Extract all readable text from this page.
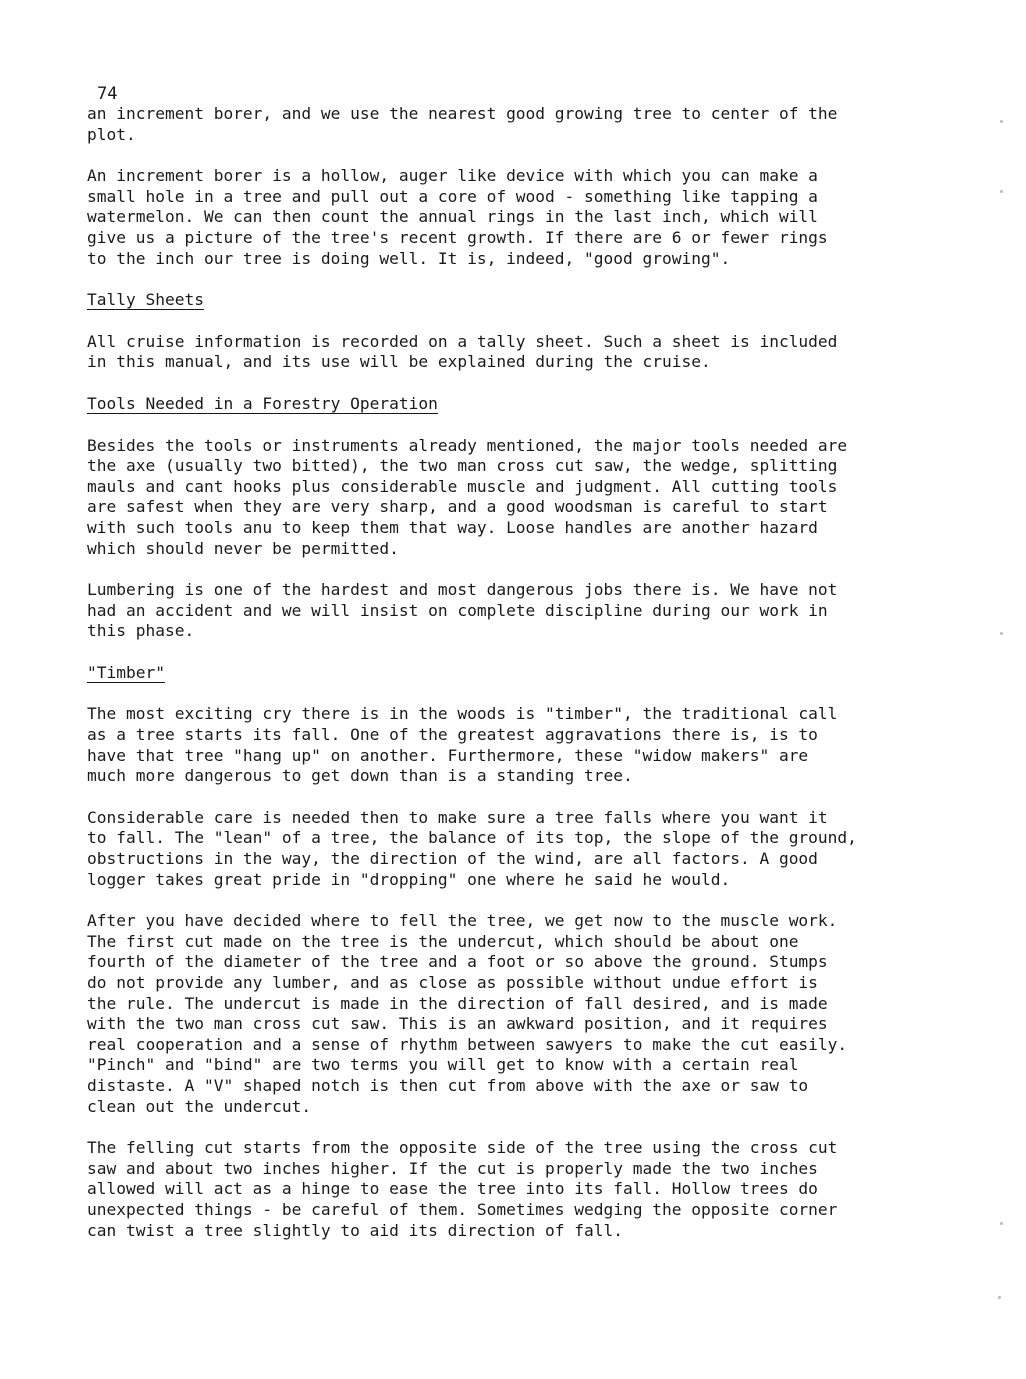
74

an increment borer, and we use the nearest good growing tree to center of the
plot.

An increment borer is a hollow, auger like device with which you can make a
small hole in a tree and pull out a core of wood - something like tapping a
watermelon. We can then count the annual rings in the last inch, which will
give us a picture of the tree's recent growth. If there are 6 or fewer rings
to the inch our tree is doing well. It is, indeed, "good growing".

Tally Sheets

All cruise information is recorded on a tally sheet. Such a sheet is included
in this manual, and its use will be explained during the cruise.

Tools Needed in a Forestry Operation

Besides the tools or instruments already mentioned, the major tools needed are
the axe (usually two bitted), the two man cross cut saw, the wedge, splitting
mauls and cant hooks plus considerable muscle and judgment. All cutting tools
are safest when they are very sharp, and a good woodsman is careful to start
with such tools anu to keep them that way. Loose handles are another hazard
which should never be permitted.

Lumbering is one of the hardest and most dangerous jobs there is. We have not
had an accident and we will insist on complete discipline during our work in
this phase.

"Timber"

The most exciting cry there is in the woods is "timber", the traditional call
as a tree starts its fall. One of the greatest aggravations there is, is to
have that tree "hang up" on another. Furthermore, these "widow makers" are
much more dangerous to get down than is a standing tree.

Considerable care is needed then to make sure a tree falls where you want it
to fall. The "lean" of a tree, the balance of its top, the slope of the ground,
obstructions in the way, the direction of the wind, are all factors. A good
logger takes great pride in "dropping" one where he said he would.

After you have decided where to fell the tree, we get now to the muscle work.
The first cut made on the tree is the undercut, which should be about one
fourth of the diameter of the tree and a foot or so above the ground. Stumps
do not provide any lumber, and as close as possible without undue effort is
the rule. The undercut is made in the direction of fall desired, and is made
with the two man cross cut saw. This is an awkward position, and it requires
real cooperation and a sense of rhythm between sawyers to make the cut easily.
"Pinch" and "bind" are two terms you will get to know with a certain real
distaste. A "V" shaped notch is then cut from above with the axe or saw to
clean out the undercut.

The felling cut starts from the opposite side of the tree using the cross cut
saw and about two inches higher. If the cut is properly made the two inches
allowed will act as a hinge to ease the tree into its fall. Hollow trees do
unexpected things - be careful of them. Sometimes wedging the opposite corner
can twist a tree slightly to aid its direction of fall.
